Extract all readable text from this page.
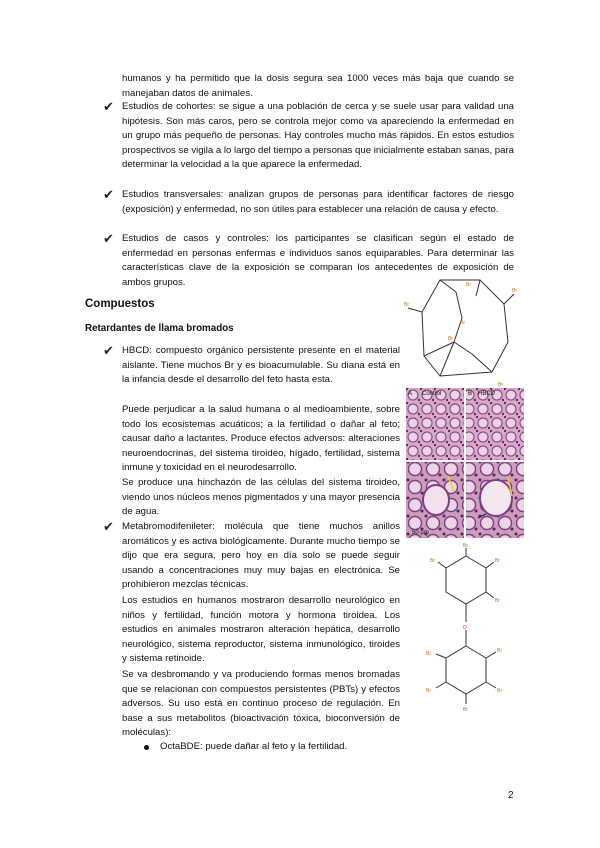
humanos y ha permitido que la dosis segura sea 1000 veces más baja que cuando se manejaban datos de animales.

✔ Estudios de cohortes: se sigue a una población de cerca y se suele usar para validad una hipótesis. Son más caros, pero se controla mejor como va apareciendo la enfermedad en un grupo más pequeño de personas. Hay controles mucho más rápidos. En estos estudios prospectivos se vigila a lo largo del tiempo a personas que inicialmente estaban sanas, para determinar la velocidad a la que aparece la enfermedad.

✔ Estudios transversales: analizan grupos de personas para identificar factores de riesgo (exposición) y enfermedad, no son útiles para establecer una relación de causa y efecto.

✔ Estudios de casos y controles: los participantes se clasifican según el estado de enfermedad en personas enfermas e individuos sanos equiparables. Para determinar las características clave de la exposición se comparan los antecedentes de exposición de ambos grupos.

Compuestos
Retardantes de llama bromados
✔ HBCD: compuesto orgánico persistente presente en el material aislante. Tiene muchos Br y es bioacumulable. Su diana está en la infancia desde el desarrollo del feto hasta esta.

Puede perjudicar a la salud humana o al medioambiente, sobre todo los ecosistemas acuáticos; a la fertilidad o dañar al feto; causar daño a lactantes. Produce efectos adversos: alteraciones neuroendocrinas, del sistema tiroideo, hígado, fertilidad, sistema inmune y toxicidad en el neurodesarrollo.

Se produce una hinchazón de las células del sistema tiroideo, viendo unos núcleos menos pigmentados y una mayor presencia de agua.

✔ Metabromodifenileter: molécula que tiene muchos anillos aromáticos y es activa biológicamente. Durante mucho tiempo se dijo que era segura, pero hoy en día solo se puede seguir usando a concentraciones muy muy bajas en electrónica. Se prohibieron mezclas técnicas.

Los estudios en humanos mostraron desarrollo neurológico en niños y fertilidad, función motora y hormona tiroidea. Los estudios en animales mostraron alteración hepática, desarrollo neurológico, sistema reproductor, sistema inmunológico, tiroides y sistema retinoide.

Se va desbromando y va produciendo formas menos bromadas que se relacionan con compuestos persistentes (PBTs) y efectos adversos. Su uso está en continuo proceso de regulación. En base a sus metabolitos (bioactivación tóxica, bioconversión de moléculas):

OctaBDE: puede dañar al feto y la fertilidad.

Br
Br
Br
Br
Br
Br
A Control	B HBCD
50 µm
Br
Br
Br
Br
Br	Br
Br	Br
Br
O
2
